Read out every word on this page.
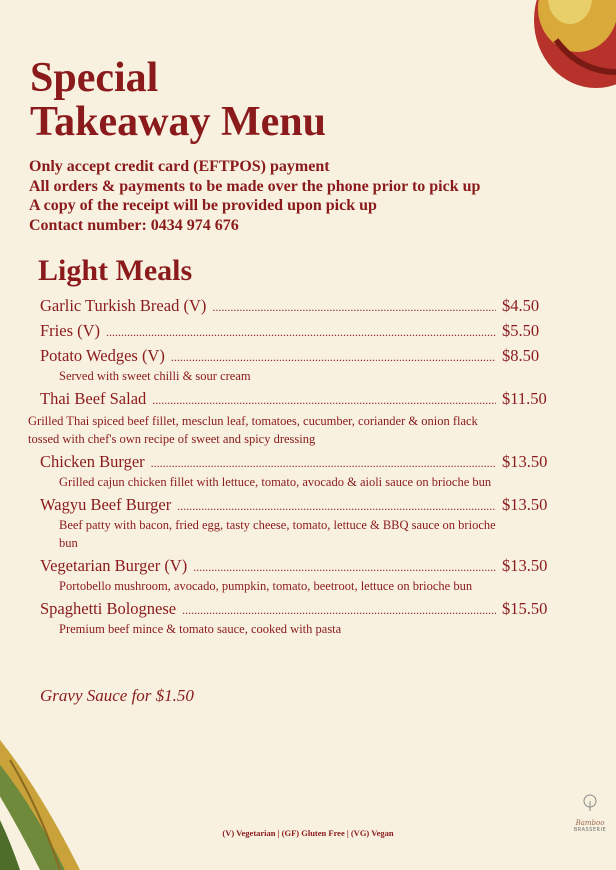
Special
Takeaway Menu
Only accept credit card (EFTPOS) payment
All orders & payments to be made over the phone prior to pick up
A copy of the receipt will be provided upon pick up
Contact number: 0434 974 676
Light Meals
Garlic Turkish Bread (V) .....	$4.50
Fries (V) .....	$5.50
Potato Wedges (V) .....	$8.50
Served with sweet chilli & sour cream
Thai Beef Salad .....	$11.50
Grilled Thai spiced beef fillet, mesclun leaf, tomatoes, cucumber, coriander & onion flack tossed with chef's own recipe of sweet and spicy dressing
Chicken Burger .....	$13.50
Grilled cajun chicken fillet with lettuce, tomato, avocado & aioli sauce on brioche bun
Wagyu Beef Burger .....	$13.50
Beef patty with bacon, fried egg, tasty cheese, tomato, lettuce & BBQ sauce on brioche bun
Vegetarian Burger (V) .....	$13.50
Portobello mushroom, avocado, pumpkin, tomato, beetroot, lettuce on brioche bun
Spaghetti Bolognese .....	$15.50
Premium beef mince & tomato sauce, cooked with pasta
Gravy Sauce for $1.50
(V) Vegetarian | (GF) Gluten Free | (VG) Vegan
Bamboo
BRASSERIE
